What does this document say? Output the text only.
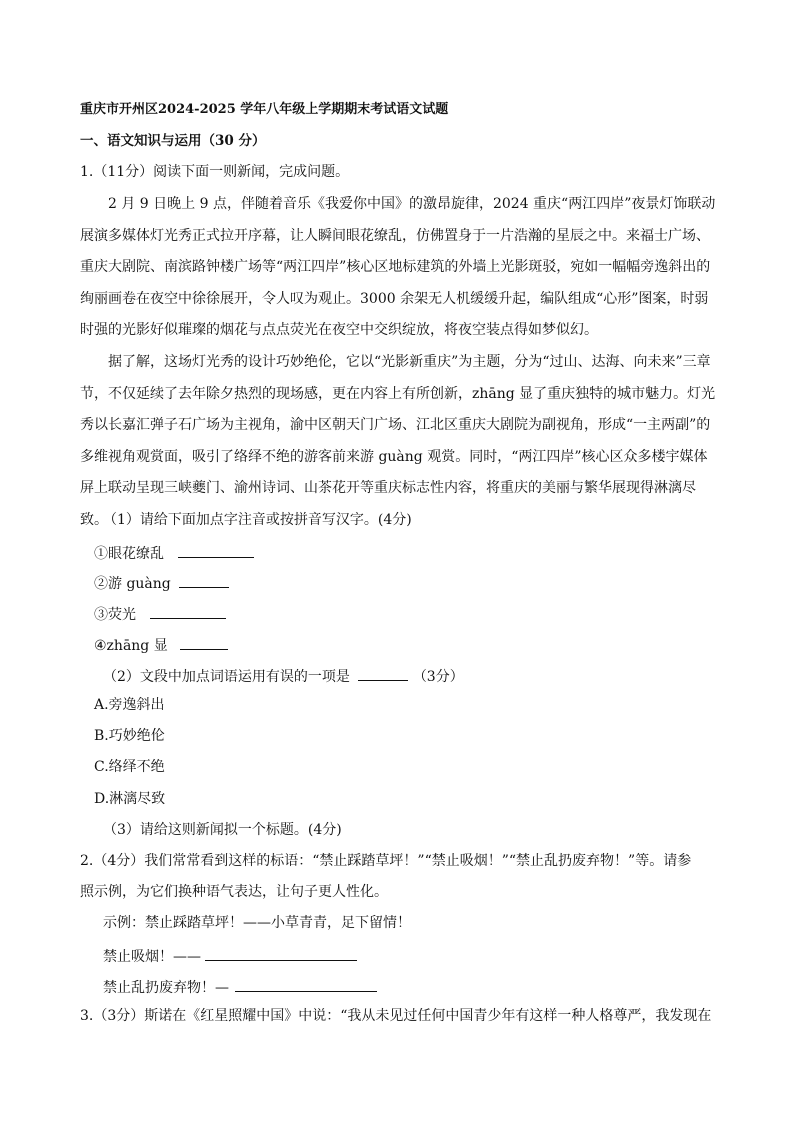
重庆市开州区2024-2025 学年八年级上学期期末考试语文试题
一、语文知识与运用（30 分）
1.（11分）阅读下面一则新闻，完成问题。
2 月 9 日晚上 9 点，伴随着音乐《我爱你中国》的激昂旋律，2024 重庆“两江四岸”夜景灯饰联动展演多媒体灯光秀正式拉开序幕，让人瞬间眼花缭乱，仿佛置身于一片浩瀚的星辰之中。来福士广场、重庆大剧院、南滨路钟楼广场等“两江四岸”核心区地标建筑的外墙上光影斑驳，宛如一幅幅旁逸斜出的绚丽画卷在夜空中徐徐展开，令人叹为观止。3000 余架无人机缓缓升起，编队组成“心形”图案，时弱时强的光影好似璀璨的烟花与点点荧光在夜空中交织绽放，将夜空装点得如梦似幻。
据了解，这场灯光秀的设计巧妙绝伦，它以“光影新重庆”为主题，分为“过山、达海、向未来”三章节，不仅延续了去年除夕热烈的现场感，更在内容上有所创新，zhāng 显了重庆独特的城市魅力。灯光秀以长嘉汇弹子石广场为主视角，渝中区朝天门广场、江北区重庆大剧院为副视角，形成“一主两副”的多维视角观赏面，吸引了络绎不绝的游客前来游 guàng 观赏。同时，“两江四岸”核心区众多楼宇媒体屏上联动呈现三峡夔门、渝州诗词、山茶花开等重庆标志性内容，将重庆的美丽与繁华展现得淋漓尽致。
（1）请给下面加点字注音或按拼音写汉字。(4分)
①眼花缭乱
②游 guàng
③荧光
④zhāng 显
（2）文段中加点词语运用有误的一项是	（3分）
A.旁逸斜出
B.巧妙绝伦
C.络绎不绝
D.淋漓尽致
（3）请给这则新闻拟一个标题。(4分)
2.（4分）我们常常看到这样的标语：“禁止踩踏草坪！”“禁止吸烟！”“禁止乱扔废弃物！”等。请参
照示例，为它们换种语气表达，让句子更人性化。
示例：禁止踩踏草坪！——小草青青，足下留情！
禁止吸烟！——
禁止乱扔废弃物！—
3.（3分）斯诺在《红星照耀中国》中说：“我从未见过任何中国青少年有这样一种人格尊严，我发现在
